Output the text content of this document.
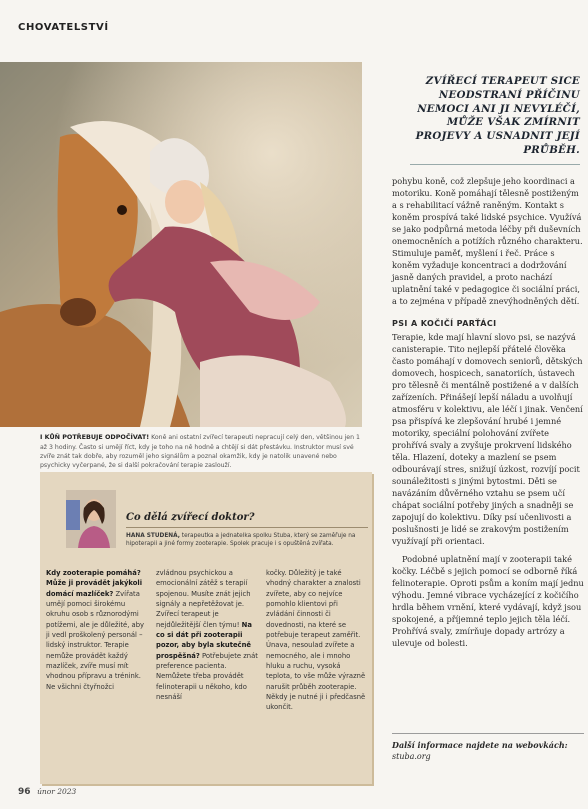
CHOVATELSTVÍ
ZVÍŘECÍ TERAPEUT SICE NEODSTRANÍ PŘÍČINU NEMOCI ANI JI NEVYLÉČÍ, MŮŽE VŠAK ZMÍRNIT PROJEVY A USNADNIT JEJÍ PRŮBĚH.

pohybu koně, což zlepšuje jeho koordinaci a motoriku. Koně pomáhají tělesně postiženým a s rehabilitací vážně raněným. Kontakt s koněm prospívá také lidské psychice. Využívá se jako podpůrná metoda léčby při duševních onemocněních a potížích různého charakteru. Stimuluje paměť, myšlení i řeč. Práce s koněm vyžaduje koncentraci a dodržování jasně daných pravidel, a proto nachází uplatnění také v pedagogice či sociální práci, a to zejména v případě znevýhodněných dětí.

PSI A KOČIČÍ PARŤÁCI

Terapie, kde mají hlavní slovo psi, se nazývá canisterapie. Tito nejlepší přátelé člověka často pomáhají v domovech seniorů, dětských domovech, hospicech, sanatoriích, ústavech pro tělesně či mentálně postižené a v dalších zařízeních. Přinášejí lepší náladu a uvolňují atmosféru v kolektivu, ale léčí i jinak. Venčení psa přispívá ke zlepšování hrubé i jemné motoriky, speciální polohování zvířete prohřívá svaly a zvyšuje prokrvení lidského těla. Hlazení, doteky a mazlení se psem odbourávají stres, snižují úzkost, rozvíjí pocit sounáležitosti s jinými bytostmi. Děti se navázáním důvěrného vztahu se psem učí chápat sociální potřeby jiných a snadněji se zapojují do kolektivu. Díky psí učenlivosti a poslušnosti je lidé se zrakovým postižením využívají při orientaci.

Podobné uplatnění mají v zooterapii také kočky. Léčbě s jejich pomocí se odborně říká felinoterapie. Oproti psům a koním mají jednu výhodu. Jemné vibrace vycházející z kočičího hrdla během vrnění, které vydávají, když jsou spokojené, a příjemné teplo jejich těla léčí. Prohřívá svaly, zmírňuje dopady artrózy a ulevuje od bolesti.

Další informace najdete na webovkách: stuba.org
I KŮŇ POTŘEBUJE ODPOČÍVAT! Koně ani ostatní zvířecí terapeuti nepracují celý den, většinou jen 1 až 3 hodiny. Často si umějí říct, kdy je toho na ně hodně a chtějí si dát přestávku. Instruktor musí své zvíře znát tak dobře, aby rozuměl jeho signálům a poznal okamžik, kdy je natolik unavené nebo psychicky vyčerpané, že si další pokračování terapie zaslouží.
Co dělá zvířecí doktor?
HANA STUDENÁ, terapeutka a jednatelka spolku Stuba, který se zaměřuje na hipoterapii a jiné formy zooterapie. Spolek pracuje i s opuštěná zvířata.
Kdy zooterapie pomáhá? Může ji provádět jakýkoli domácí mazlíček? Zvířata umějí pomoci širokému okruhu osob s různorodými potížemi, ale je důležité, aby ji vedl proškolený personál – lidský instruktor. Terapie nemůže provádět každý mazlíček, zvíře musí mít vhodnou přípravu a trénink. Ne všichni čtyřnožci
zvládnou psychickou a emocionální zátěž s terapií spojenou. Musíte znát jejich signály a nepřetěžovat je. Zvířecí terapeut je nejdůležitější člen týmu! Na co si dát při zooterapii pozor, aby byla skutečně prospěšná? Potřebujete znát preference pacienta. Nemůžete třeba provádět felinoterapii u někoho, kdo nesnáší
kočky. Důležitý je také vhodný charakter a znalosti zvířete, aby co nejvíce pomohlo klientovi při zvládání činnosti či dovednosti, na které se potřebuje terapeut zaměřit. Únava, nesoulad zvířete a nemocného, ale i mnoho hluku a ruchu, vysoká teplota, to vše může výrazně narušit průběh zooterapie. Někdy je nutné ji i předčasně ukončit.
96 únor 2023
